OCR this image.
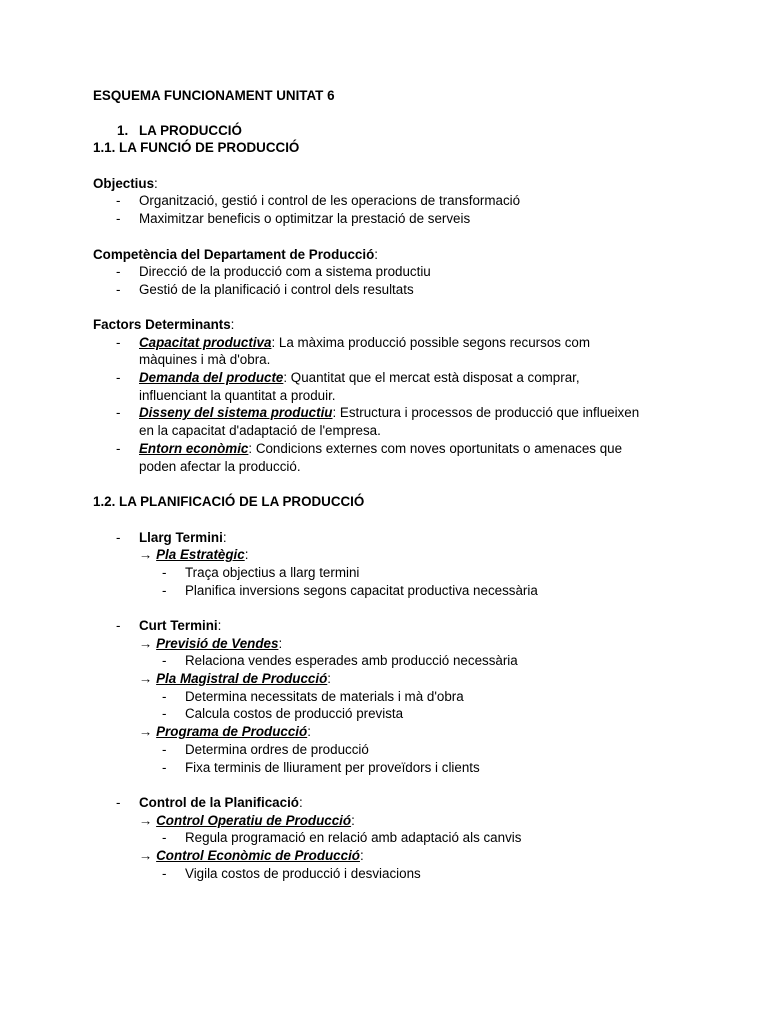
ESQUEMA FUNCIONAMENT UNITAT 6
1. LA PRODUCCIÓ
1.1. LA FUNCIÓ DE PRODUCCIÓ
Objectius:
- Organització, gestió i control de les operacions de transformació
- Maximitzar beneficis o optimitzar la prestació de serveis
Competència del Departament de Producció:
- Direcció de la producció com a sistema productiu
- Gestió de la planificació i control dels resultats
Factors Determinants:
- Capacitat productiva: La màxima producció possible segons recursos com
màquines i mà d'obra.
- Demanda del producte: Quantitat que el mercat està disposat a comprar,
influenciant la quantitat a produir.
- Disseny del sistema productiu: Estructura i processos de producció que influeixen
en la capacitat d'adaptació de l'empresa.
- Entorn econòmic: Condicions externes com noves oportunitats o amenaces que
poden afectar la producció.
1.2. LA PLANIFICACIÓ DE LA PRODUCCIÓ
- Llarg Termini:
→ Pla Estratègic:
- Traça objectius a llarg termini
- Planifica inversions segons capacitat productiva necessària
- Curt Termini:
→ Previsió de Vendes:
- Relaciona vendes esperades amb producció necessària
→ Pla Magistral de Producció:
- Determina necessitats de materials i mà d'obra
- Calcula costos de producció prevista
→ Programa de Producció:
- Determina ordres de producció
- Fixa terminis de lliurament per proveïdors i clients
- Control de la Planificació:
→ Control Operatiu de Producció:
- Regula programació en relació amb adaptació als canvis
→ Control Econòmic de Producció:
- Vigila costos de producció i desviacions
